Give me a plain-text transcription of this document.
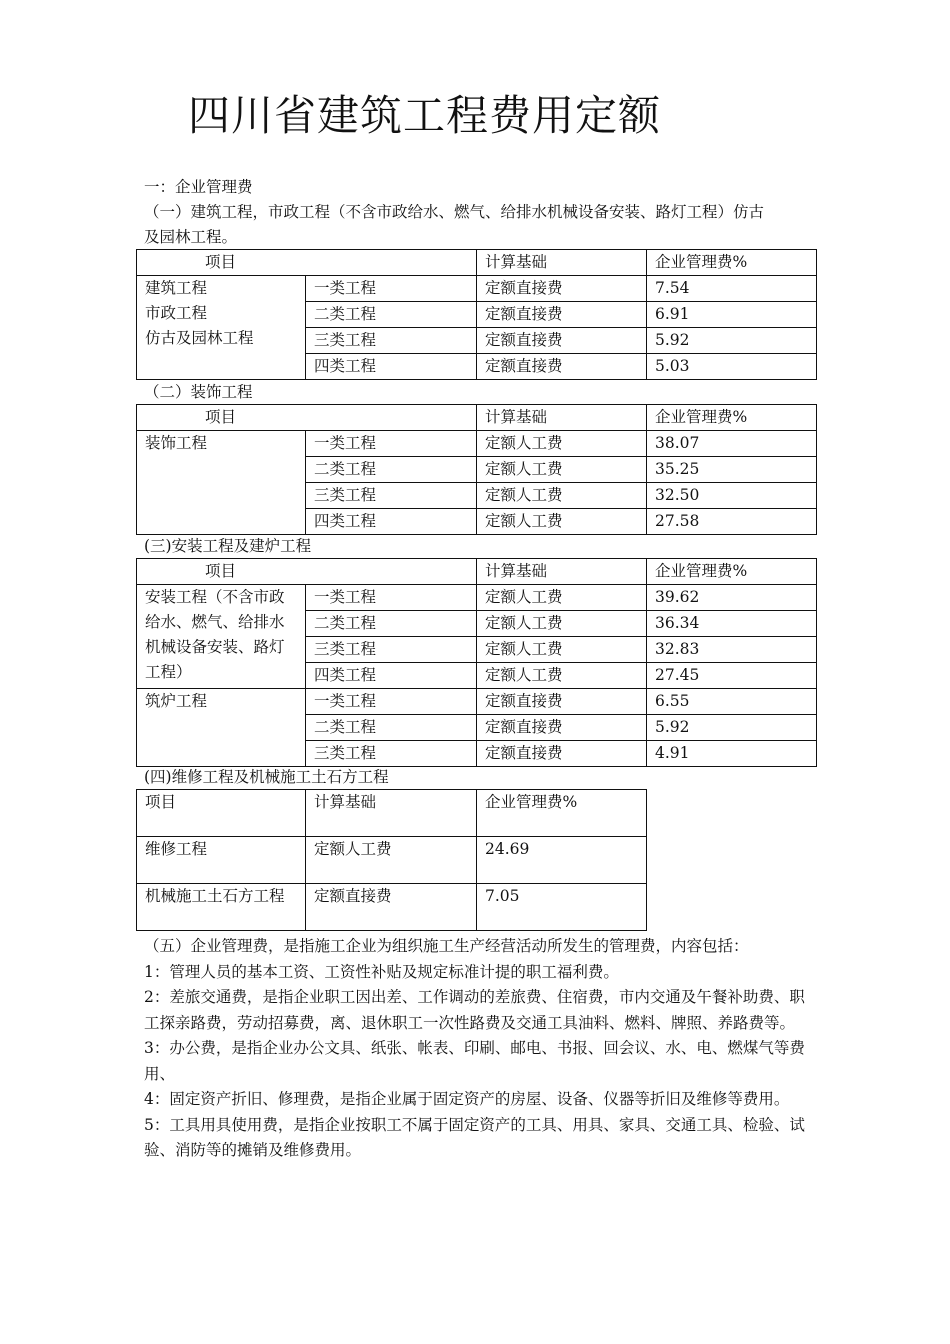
四川省建筑工程费用定额
一：企业管理费
（一）建筑工程，市政工程（不含市政给水、燃气、给排水机械设备安装、路灯工程）仿古
及园林工程。
项目		计算基础	企业管理费%

建筑工程
市政工程
仿古及园林工程	一类工程	定额直接费	7.54
	二类工程	定额直接费	6.91
	三类工程	定额直接费	5.92
	四类工程	定额直接费	5.03
（二）装饰工程
项目		计算基础	企业管理费%
装饰工程	一类工程	定额人工费	38.07
	二类工程	定额人工费	35.25
	三类工程	定额人工费	32.50
	四类工程	定额人工费	27.58
(三)安装工程及建炉工程
项目		计算基础	企业管理费%
安装工程（不含市政给水、燃气、给排水机械设备安装、路灯工程）	一类工程	定额人工费	39.62
	二类工程	定额人工费	36.34
	三类工程	定额人工费	32.83
	四类工程	定额人工费	27.45
筑炉工程	一类工程	定额直接费	6.55
	二类工程	定额直接费	5.92
	三类工程	定额直接费	4.91
(四)维修工程及机械施工土石方工程
项目	计算基础	企业管理费%
维修工程	定额人工费	24.69
机械施工土石方工程	定额直接费	7.05

（五）企业管理费，是指施工企业为组织施工生产经营活动所发生的管理费，内容包括：

1：管理人员的基本工资、工资性补贴及规定标准计提的职工福利费。

2：差旅交通费，是指企业职工因出差、工作调动的差旅费、住宿费，市内交通及午餐补助费、职工探亲路费，劳动招募费，离、退休职工一次性路费及交通工具油料、燃料、牌照、养路费等。

3：办公费，是指企业办公文具、纸张、帐表、印刷、邮电、书报、回会议、水、电、燃煤气等费用、

4：固定资产折旧、修理费，是指企业属于固定资产的房屋、设备、仪器等折旧及维修等费用。

5：工具用具使用费，是指企业按职工不属于固定资产的工具、用具、家具、交通工具、检验、试验、消防等的摊销及维修费用。
